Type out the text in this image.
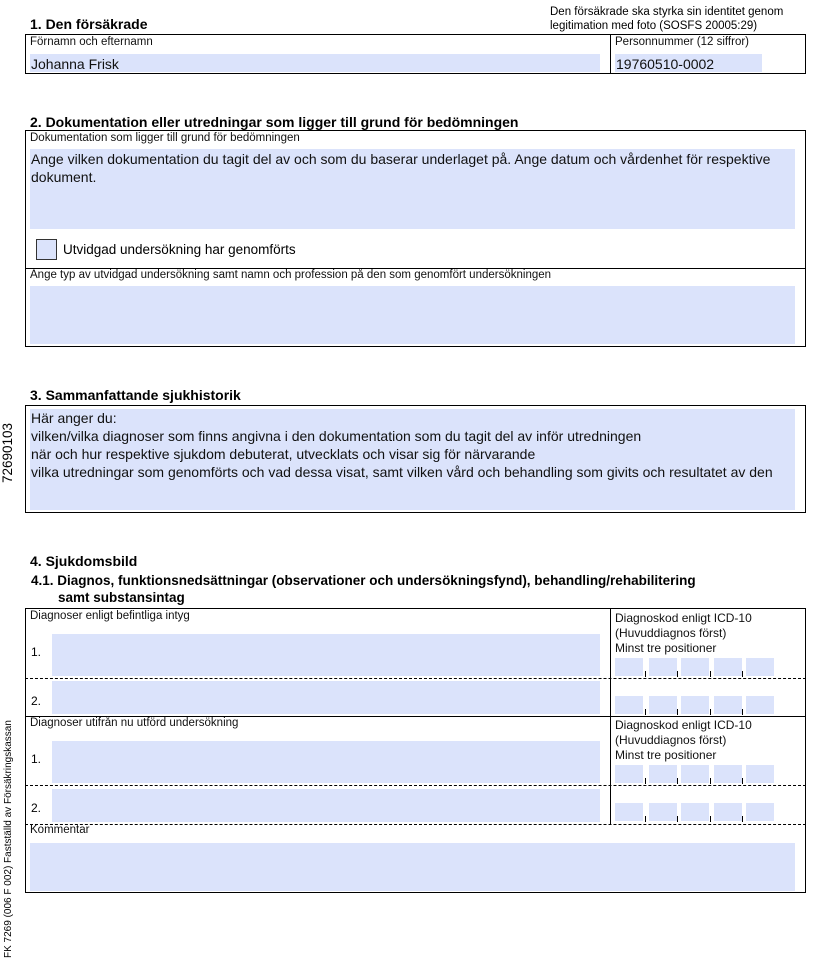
72690103
FK 7269 (006 F 002) Fastställd av Försäkringskassan
Den försäkrade ska styrka sin identitet genom legitimation med foto (SOSFS 20005:29)
1. Den försäkrade
Förnamn och efternamn
Johanna Frisk
Personnummer (12 siffror)
19760510-0002
2. Dokumentation eller utredningar som ligger till grund för bedömningen
Dokumentation som ligger till grund för bedömningen
Ange vilken dokumentation du tagit del av och som du baserar underlaget på. Ange datum och vårdenhet för respektive dokument.
Utvidgad undersökning har genomförts
Ange typ av utvidgad undersökning samt namn och profession på den som genomfört undersökningen
3. Sammanfattande sjukhistorik
Här anger du:
vilken/vilka diagnoser som finns angivna i den dokumentation som du tagit del av inför utredningen
när och hur respektive sjukdom debuterat, utvecklats och visar sig för närvarande
vilka utredningar som genomförts och vad dessa visat, samt vilken vård och behandling som givits och resultatet av den
4. Sjukdomsbild
4.1. Diagnos, funktionsnedsättningar (observationer och undersökningsfynd), behandling/rehabilitering
samt substansintag
Diagnoser enligt befintliga intyg	Diagnoskod enligt ICD-10
(Huvuddiagnos först)
Minst tre positioner
1.
2.
Diagnoser utifrån nu utförd undersökning	Diagnoskod enligt ICD-10
(Huvuddiagnos först)
Minst tre positioner
1.
2.
Kommentar
